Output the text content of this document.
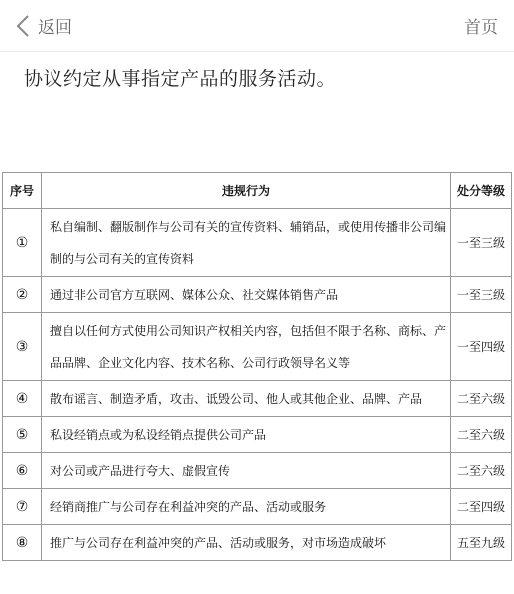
返回	首页
协议约定从事指定产品的服务活动。
序号	违规行为	处分等级
①	私自编制、翻版制作与公司有关的宣传资料、辅销品，或使用传播非公司编制的与公司有关的宣传资料	一至三级
②	通过非公司官方互联网、媒体公众、社交媒体销售产品	一至三级
③	擅自以任何方式使用公司知识产权相关内容，包括但不限于名称、商标、产品品牌、企业文化内容、技术名称、公司行政领导名义等	一至四级
④	散布谣言、制造矛盾，攻击、诋毁公司、他人或其他企业、品牌、产品	二至六级
⑤	私设经销点或为私设经销点提供公司产品	二至六级
⑥	对公司或产品进行夸大、虚假宣传	二至六级
⑦	经销商推广与公司存在利益冲突的产品、活动或服务	二至四级
⑧	推广与公司存在利益冲突的产品、活动或服务，对市场造成破坏	五至九级
